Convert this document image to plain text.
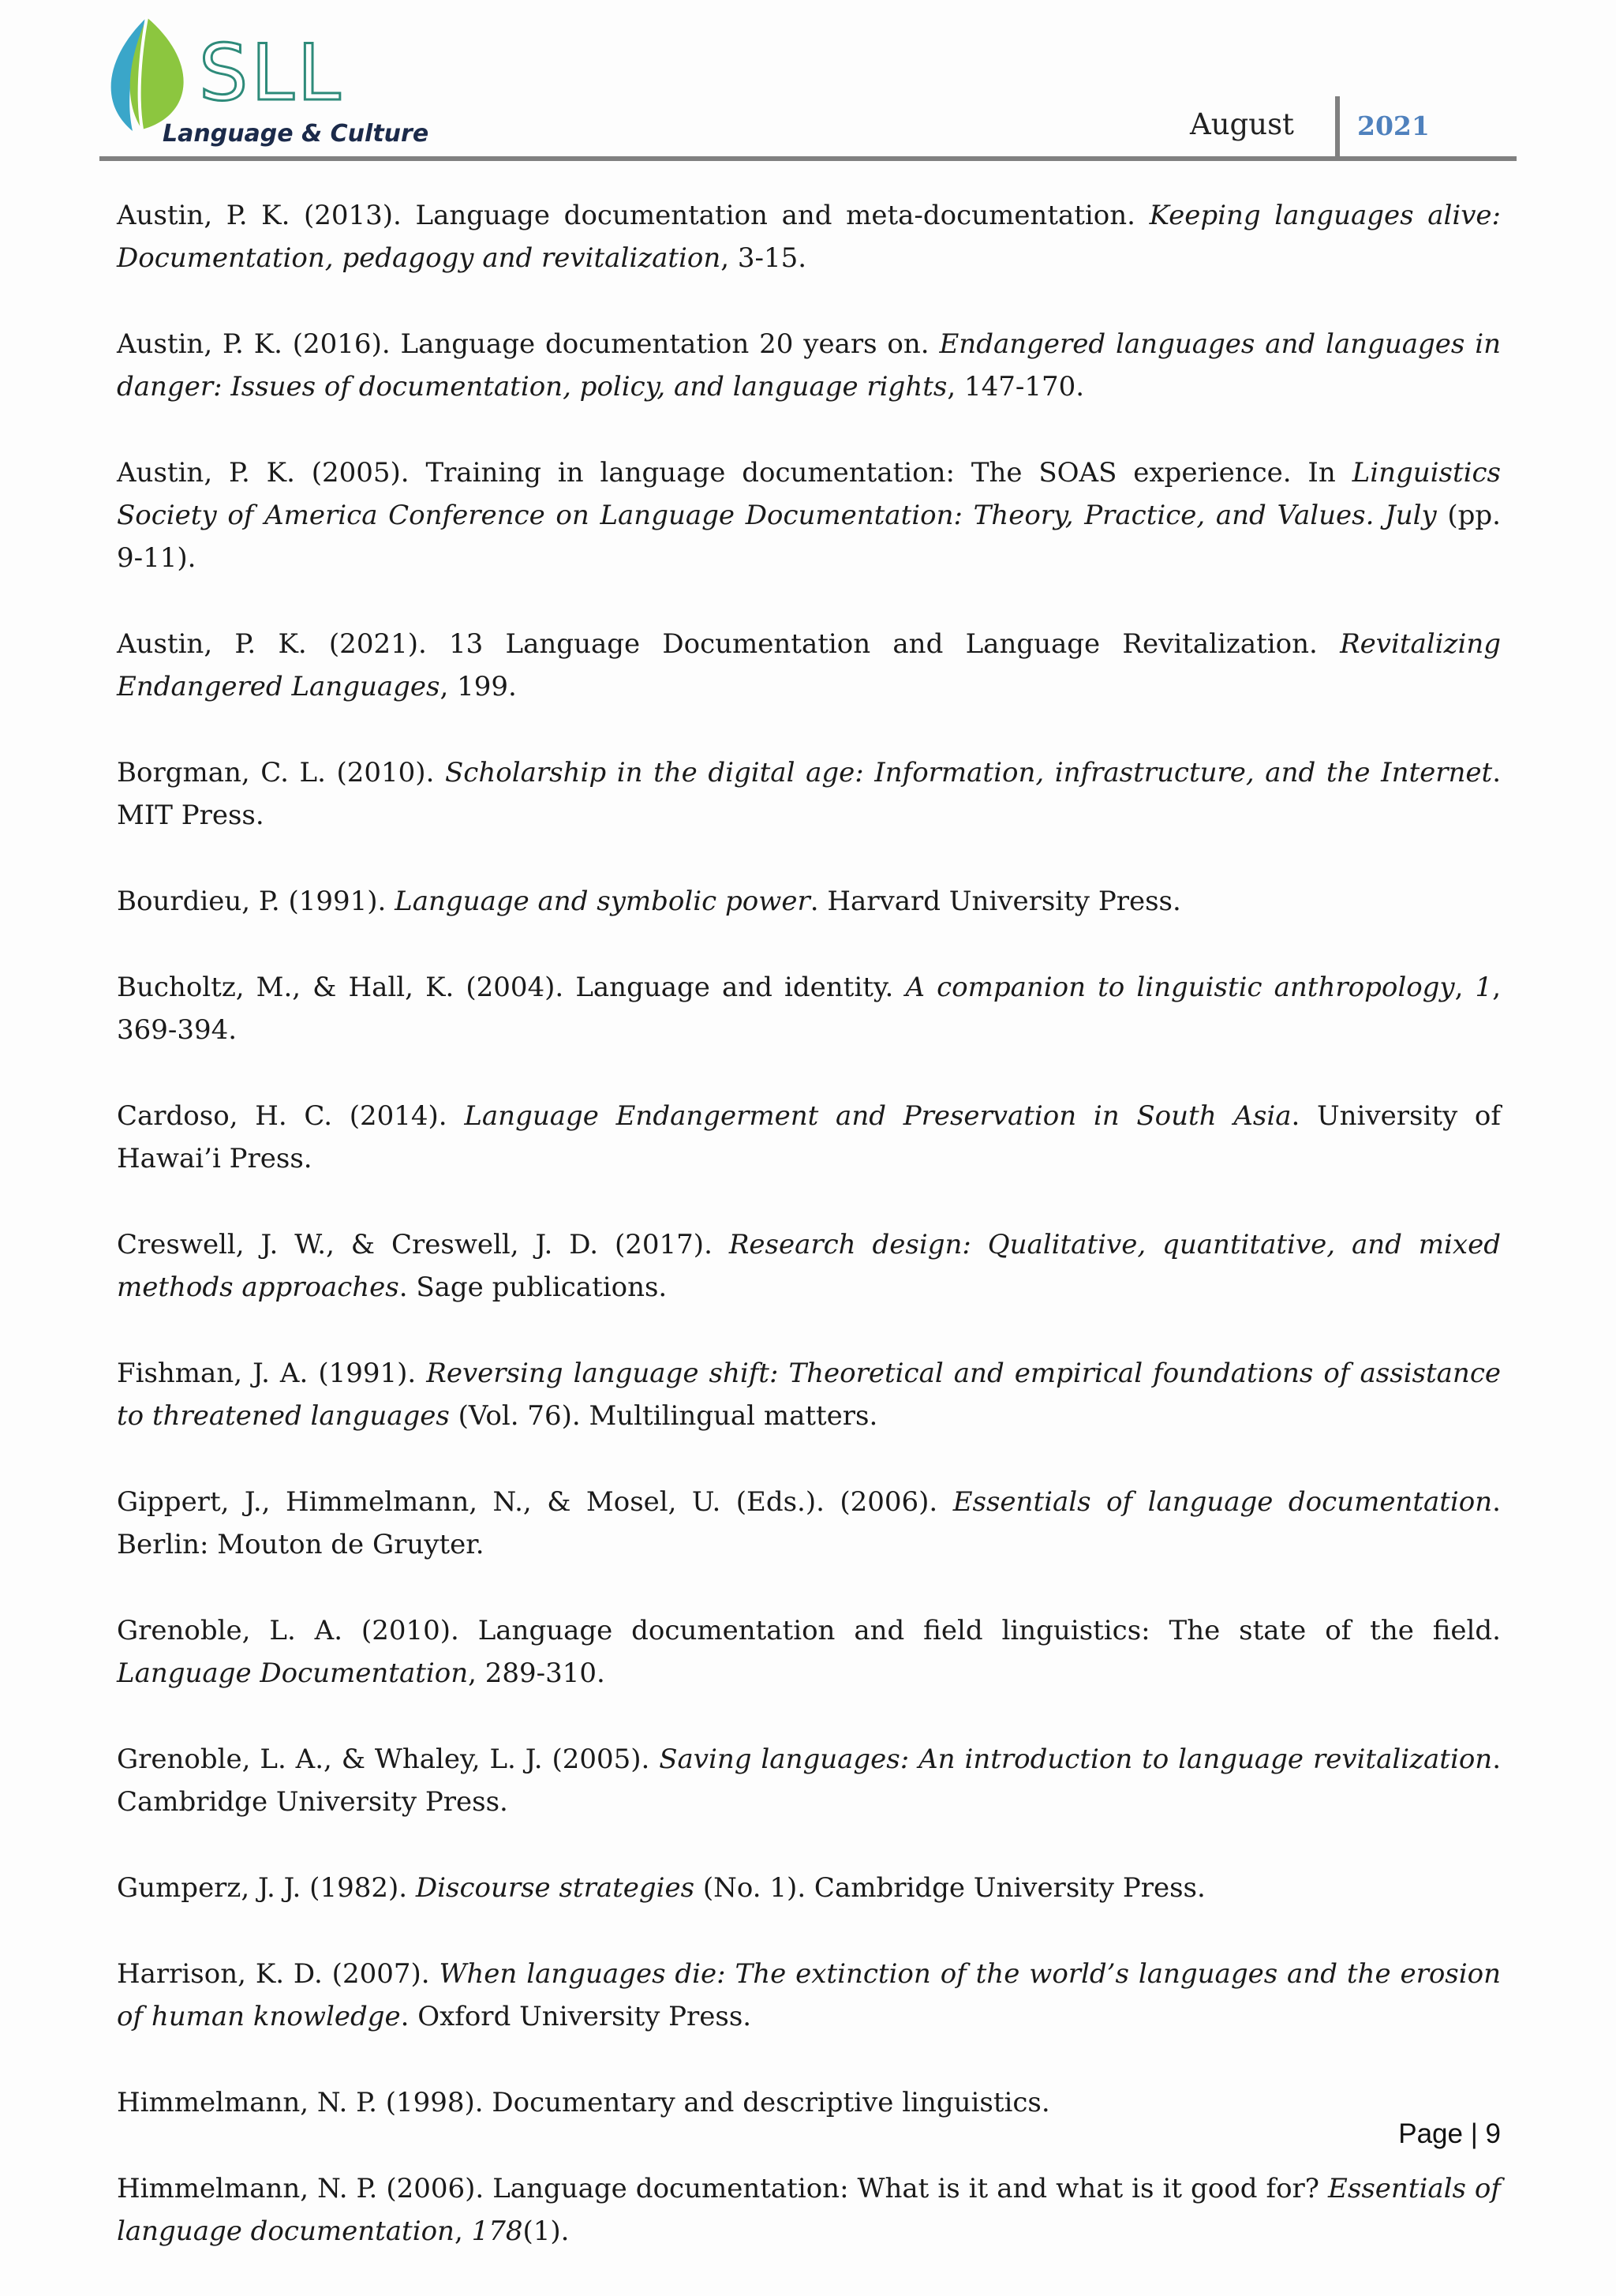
SLL
Language & Culture	August 2021
Austin, P. K. (2013). Language documentation and meta-documentation. Keeping languages alive: Documentation, pedagogy and revitalization, 3-15.
Austin, P. K. (2016). Language documentation 20 years on. Endangered languages and languages in danger: Issues of documentation, policy, and language rights, 147-170.
Austin, P. K. (2005). Training in language documentation: The SOAS experience. In Linguistics Society of America Conference on Language Documentation: Theory, Practice, and Values. July (pp. 9-11).
Austin, P. K. (2021). 13 Language Documentation and Language Revitalization. Revitalizing Endangered Languages, 199.
Borgman, C. L. (2010). Scholarship in the digital age: Information, infrastructure, and the Internet. MIT Press.
Bourdieu, P. (1991). Language and symbolic power. Harvard University Press.
Bucholtz, M., & Hall, K. (2004). Language and identity. A companion to linguistic anthropology, 1, 369-394.
Cardoso, H. C. (2014). Language Endangerment and Preservation in South Asia. University of Hawai’i Press.
Creswell, J. W., & Creswell, J. D. (2017). Research design: Qualitative, quantitative, and mixed methods approaches. Sage publications.
Fishman, J. A. (1991). Reversing language shift: Theoretical and empirical foundations of assistance to threatened languages (Vol. 76). Multilingual matters.
Gippert, J., Himmelmann, N., & Mosel, U. (Eds.). (2006). Essentials of language documentation. Berlin: Mouton de Gruyter.
Grenoble, L. A. (2010). Language documentation and field linguistics: The state of the field. Language Documentation, 289-310.
Grenoble, L. A., & Whaley, L. J. (2005). Saving languages: An introduction to language revitalization. Cambridge University Press.
Gumperz, J. J. (1982). Discourse strategies (No. 1). Cambridge University Press.
Harrison, K. D. (2007). When languages die: The extinction of the world’s languages and the erosion of human knowledge. Oxford University Press.
Himmelmann, N. P. (1998). Documentary and descriptive linguistics.
Himmelmann, N. P. (2006). Language documentation: What is it and what is it good for? Essentials of language documentation, 178(1).
Page | 9
